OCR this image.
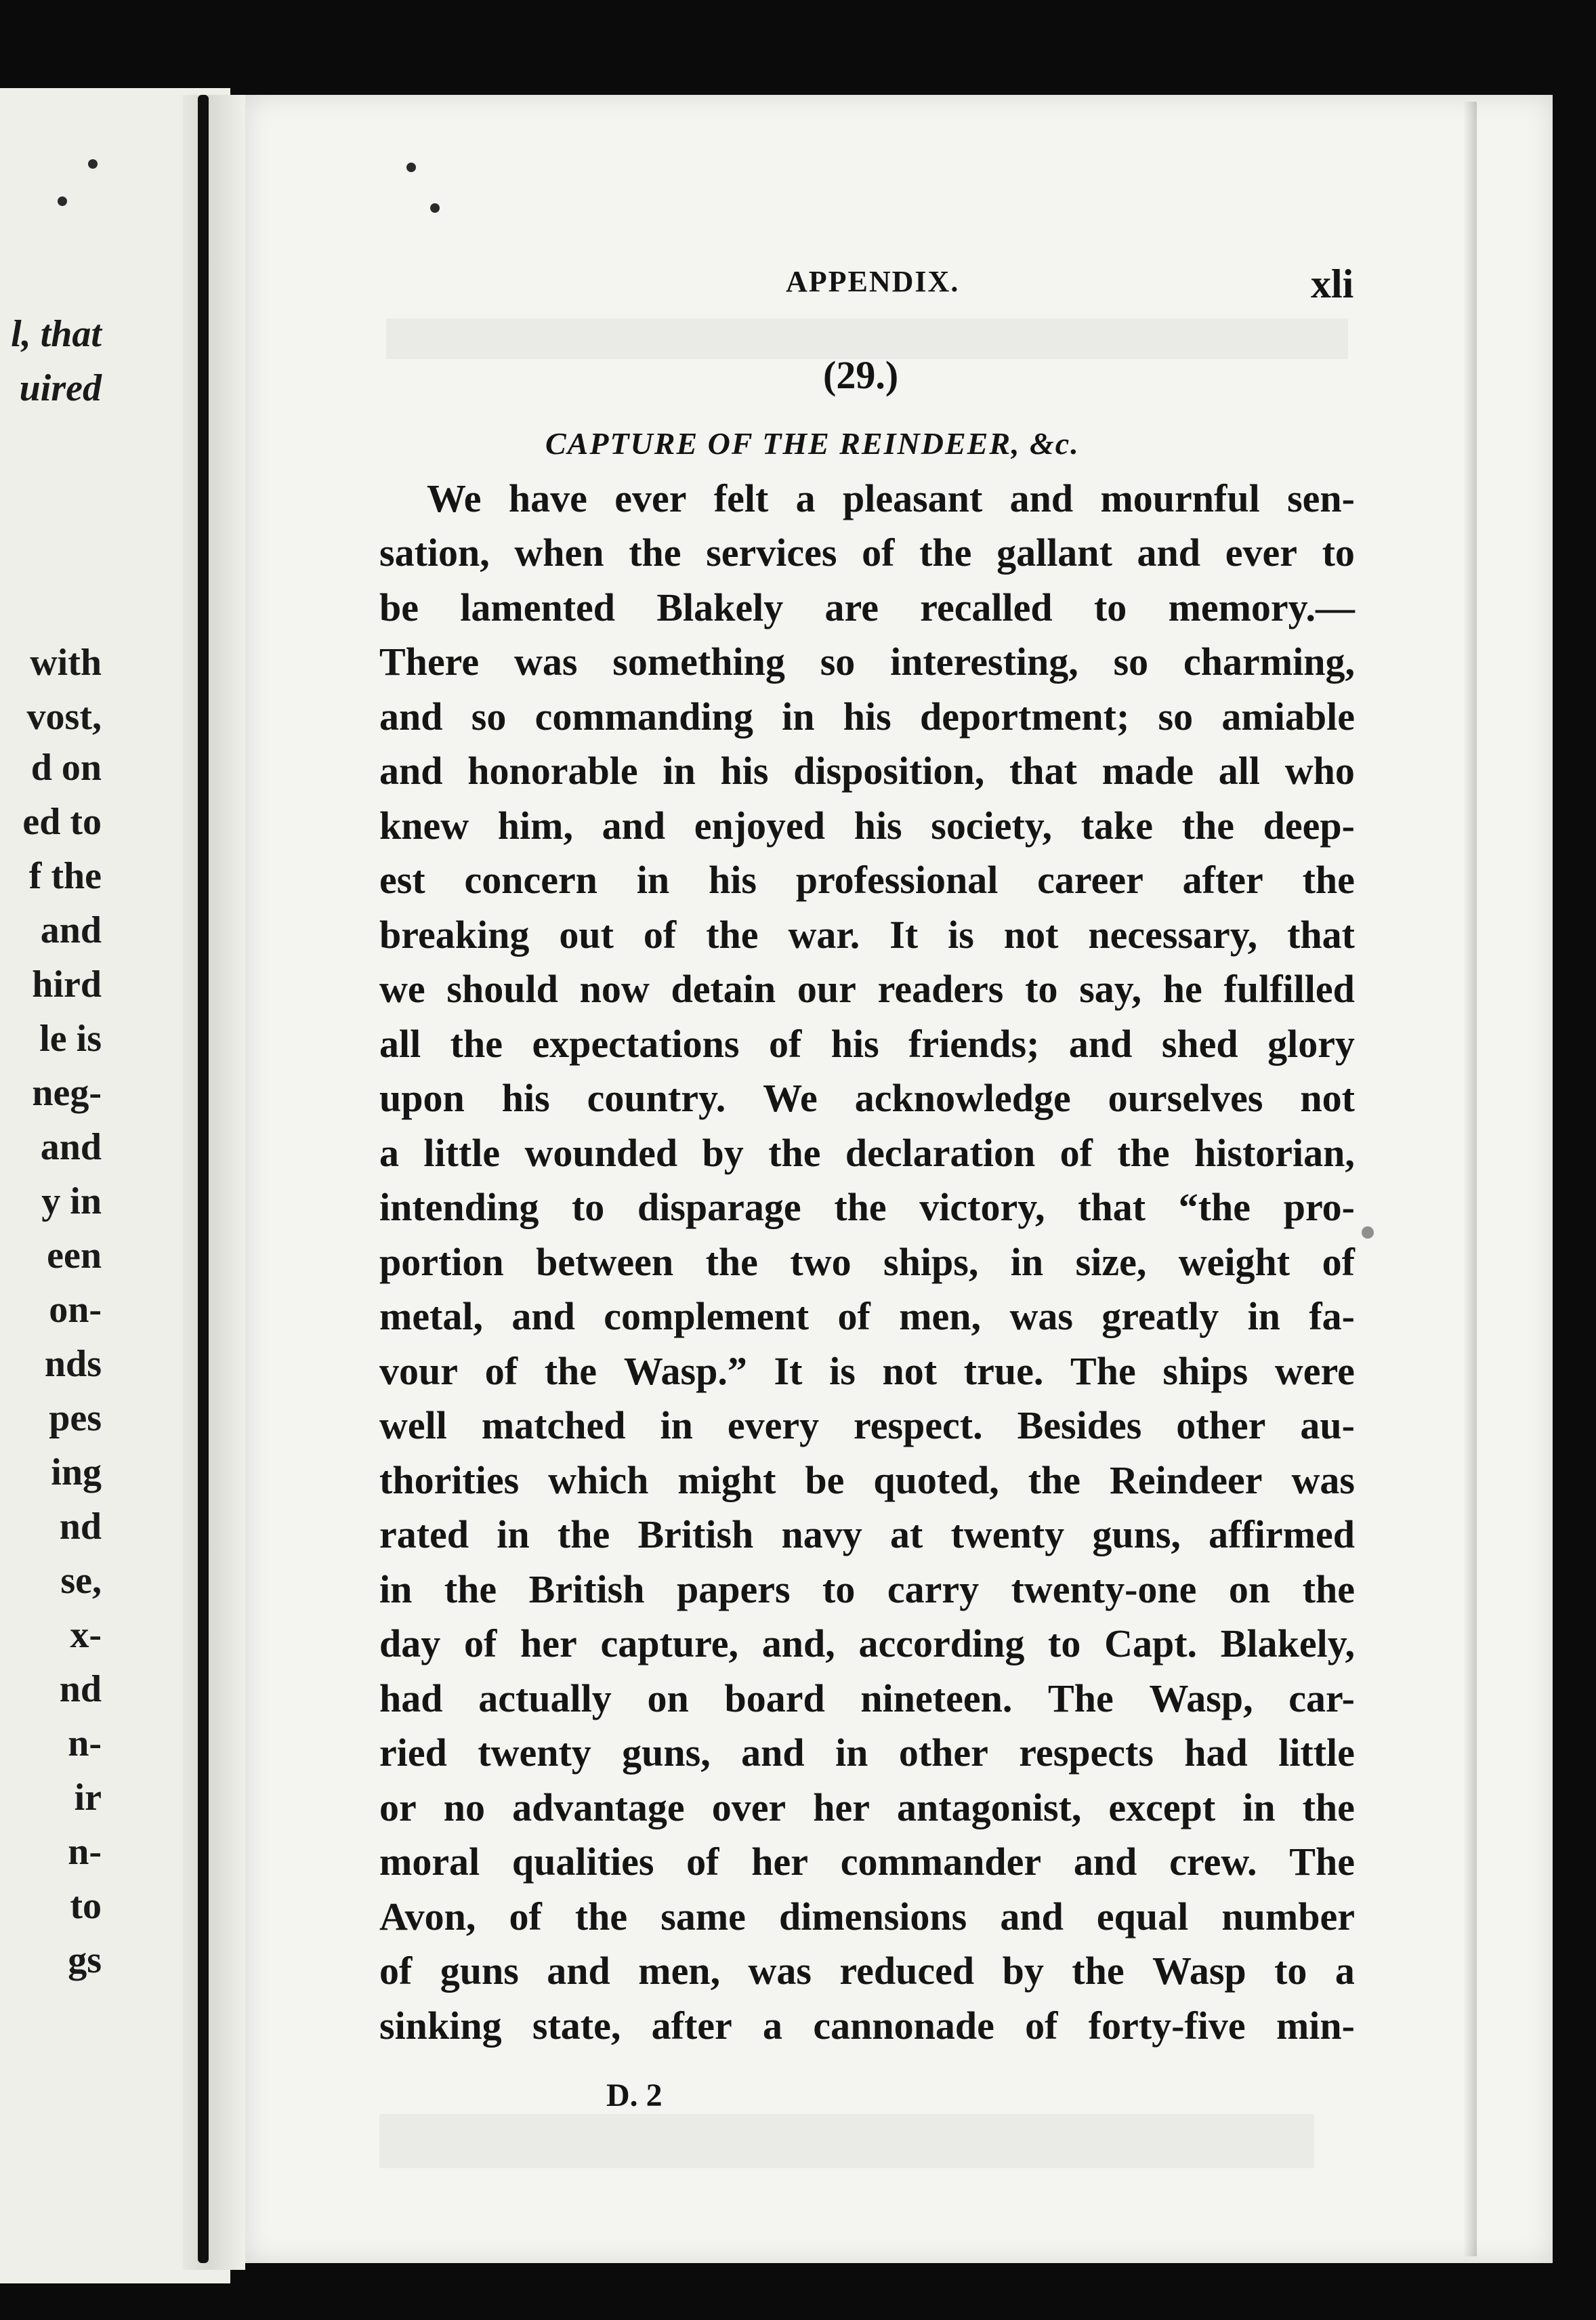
l, that
uired
with
vost,
d on
ed to
f the
and
hird
le is
neg-
and
y in
een
on-
nds
pes
ing
nd
se,
x-
nd
n-
ir
n-
to
gs
APPENDIX.	xli
(29.)
CAPTURE OF THE REINDEER, &c.
We have ever felt a pleasant and mournful sen-
sation, when the services of the gallant and ever to
be lamented Blakely are recalled to memory.—
There was something so interesting, so charming,
and so commanding in his deportment; so amiable
and honorable in his disposition, that made all who
knew him, and enjoyed his society, take the deep-
est concern in his professional career after the
breaking out of the war. It is not necessary, that
we should now detain our readers to say, he fulfilled
all the expectations of his friends; and shed glory
upon his country. We acknowledge ourselves not
a little wounded by the declaration of the historian,
intending to disparage the victory, that “the pro-
portion between the two ships, in size, weight of
metal, and complement of men, was greatly in fa-
vour of the Wasp.” It is not true. The ships were
well matched in every respect. Besides other au-
thorities which might be quoted, the Reindeer was
rated in the British navy at twenty guns, affirmed
in the British papers to carry twenty-one on the
day of her capture, and, according to Capt. Blakely,
had actually on board nineteen. The Wasp, car-
ried twenty guns, and in other respects had little
or no advantage over her antagonist, except in the
moral qualities of her commander and crew. The
Avon, of the same dimensions and equal number
of guns and men, was reduced by the Wasp to a
sinking state, after a cannonade of forty-five min-
D. 2
